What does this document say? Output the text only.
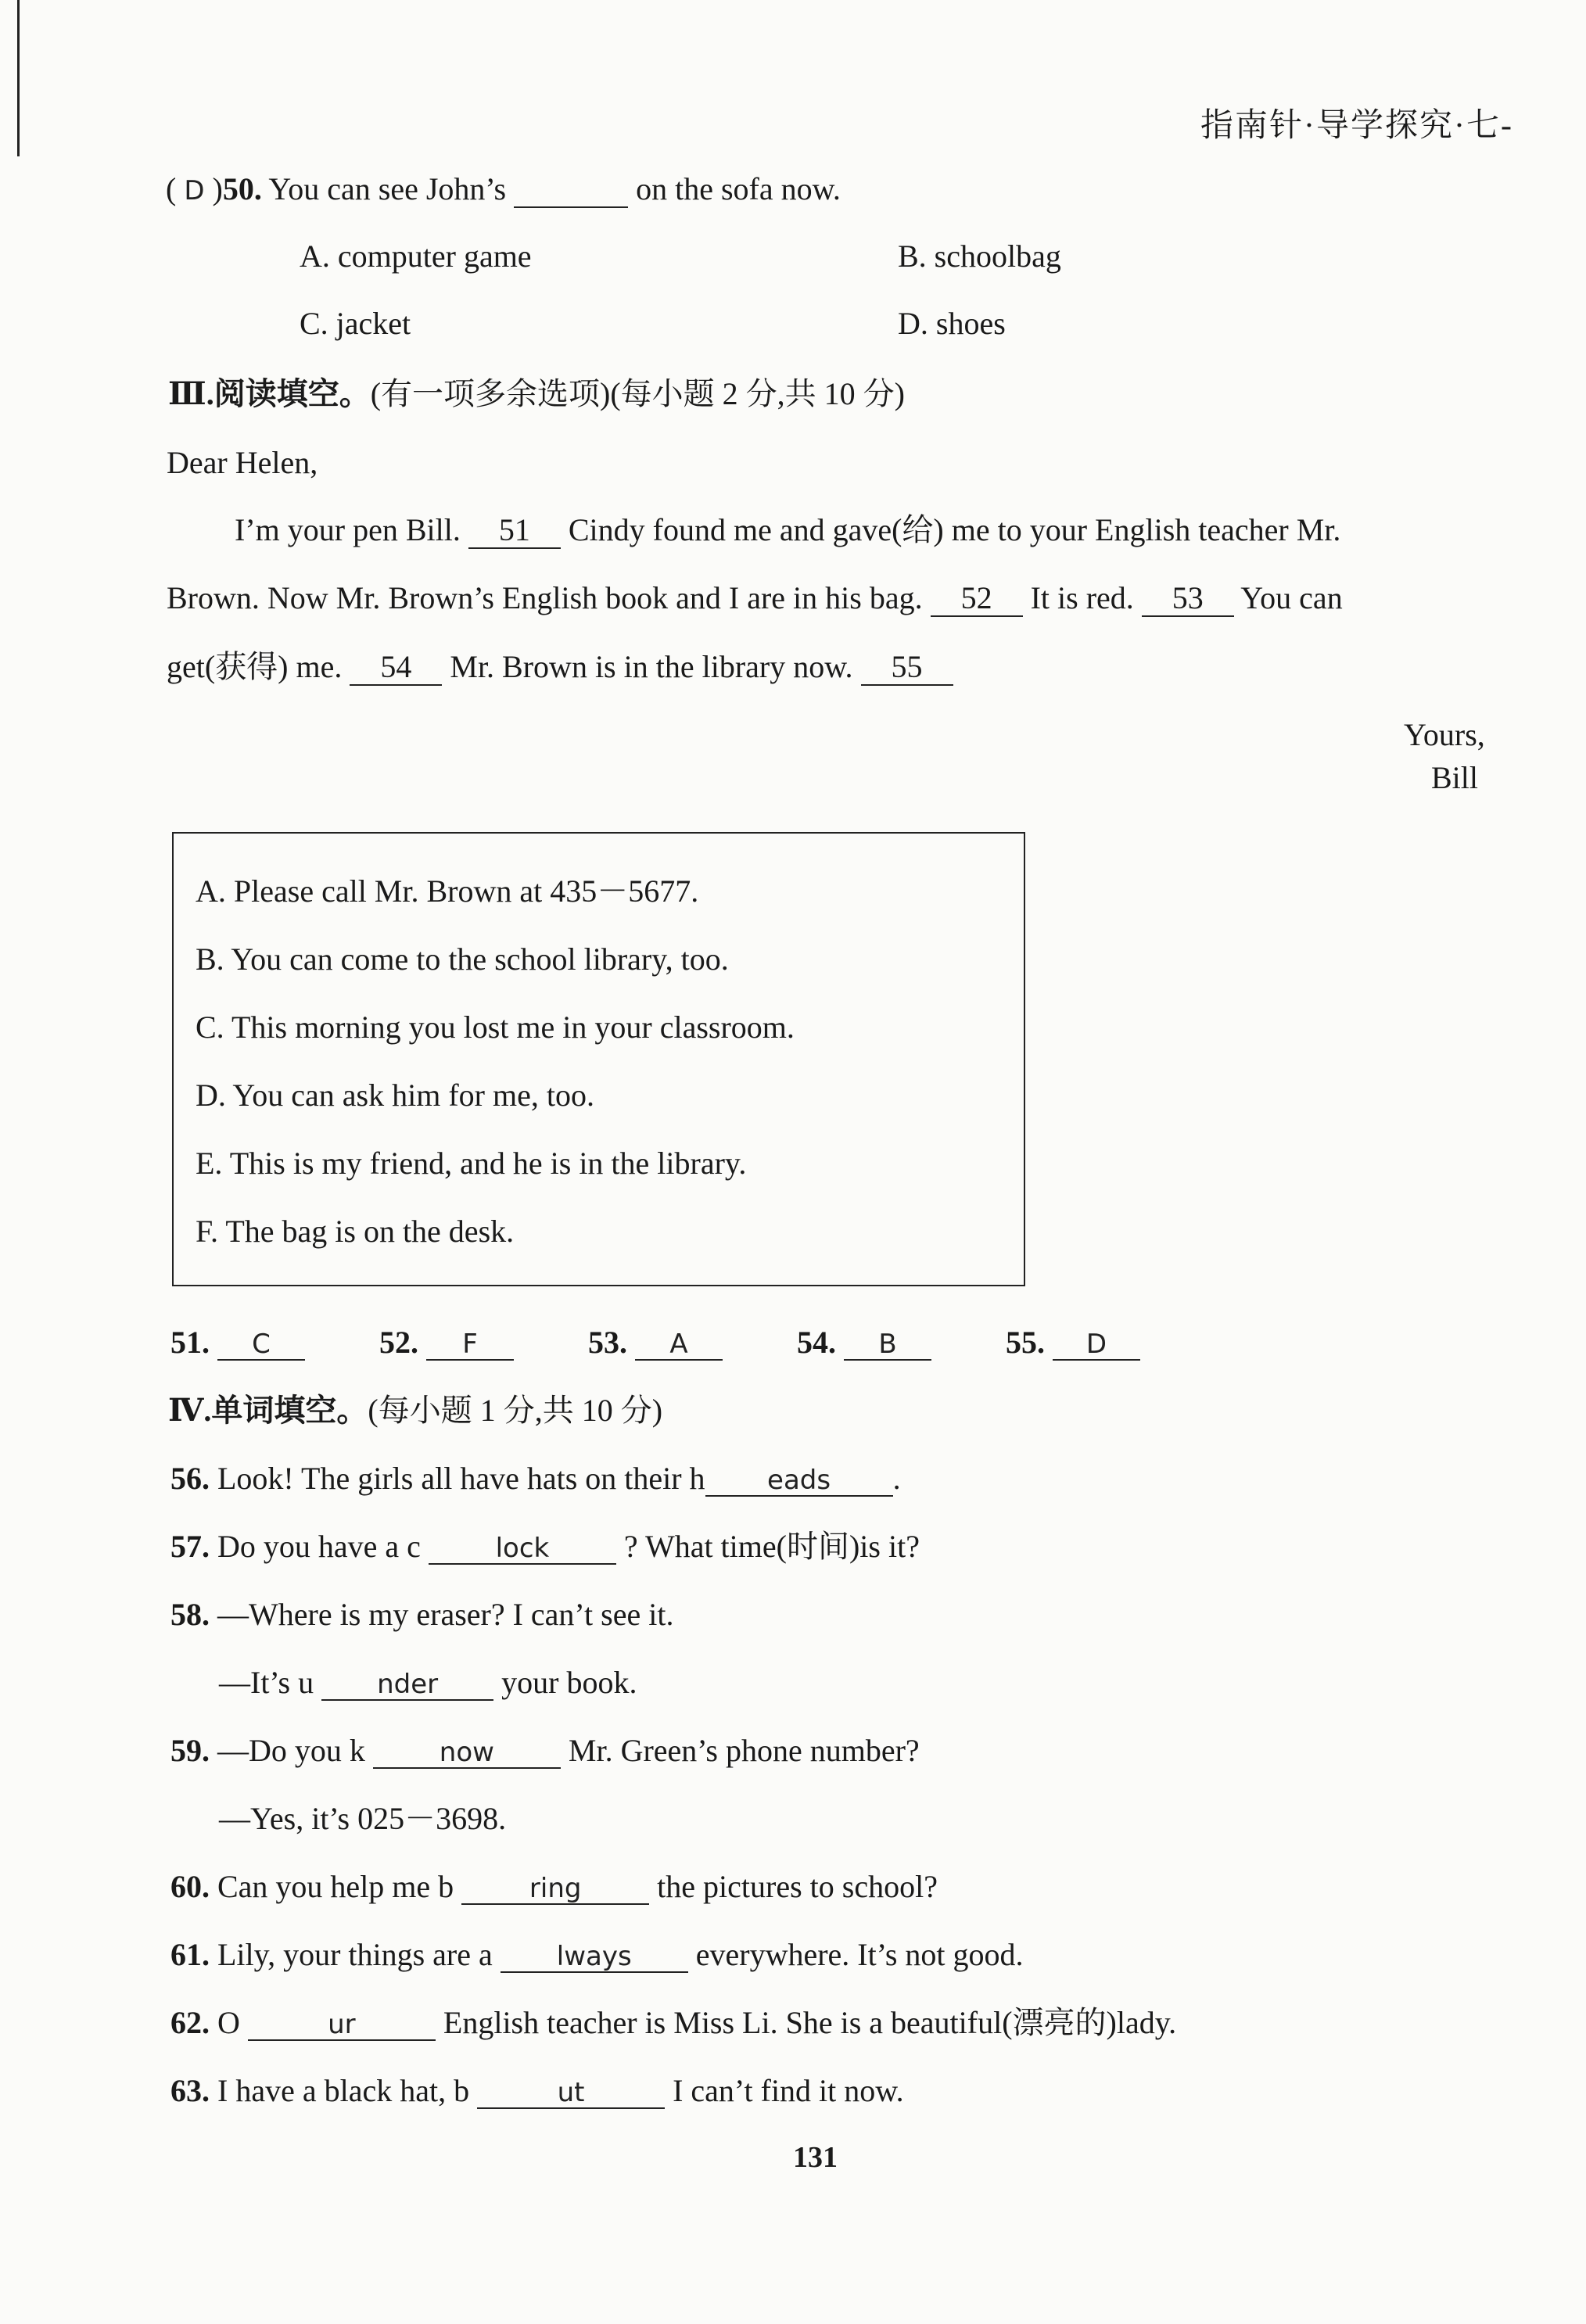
指南针·导学探究·七-
( D )50. You can see John’s	on the sofa now.
A. computer game	B. schoolbag
C. jacket	D. shoes
Ⅲ.阅读填空。(有一项多余选项)(每小题 2 分,共 10 分)
Dear Helen,
I’m your pen Bill. 51 Cindy found me and gave(给) me to your English teacher Mr.
Brown. Now Mr. Brown’s English book and I are in his bag. 52 It is red. 53 You can
get(获得) me. 54 Mr. Brown is in the library now. 55
Yours,
Bill
A. Please call Mr. Brown at 435－5677.
B. You can come to the school library, too.
C. This morning you lost me in your classroom.
D. You can ask him for me, too.
E. This is my friend, and he is in the library.
F. The bag is on the desk.
51. C	52. F	53. A	54. B	55. D
Ⅳ.单词填空。(每小题 1 分,共 10 分)
56. Look! The girls all have hats on their h eads .
57. Do you have a c	lock ? What time(时间)is it?
58. —Where is my eraser? I can’t see it.
—It’s u nder your book.
59. —Do you k	now Mr. Green’s phone number?
—Yes, it’s 025－3698.
60. Can you help me b	ring the pictures to school?
61. Lily, your things are a lways everywhere. It’s not good.
62. O	ur	English teacher is Miss Li. She is a beautiful(漂亮的)lady.
63. I have a black hat, b	ut	I can’t find it now.
131
